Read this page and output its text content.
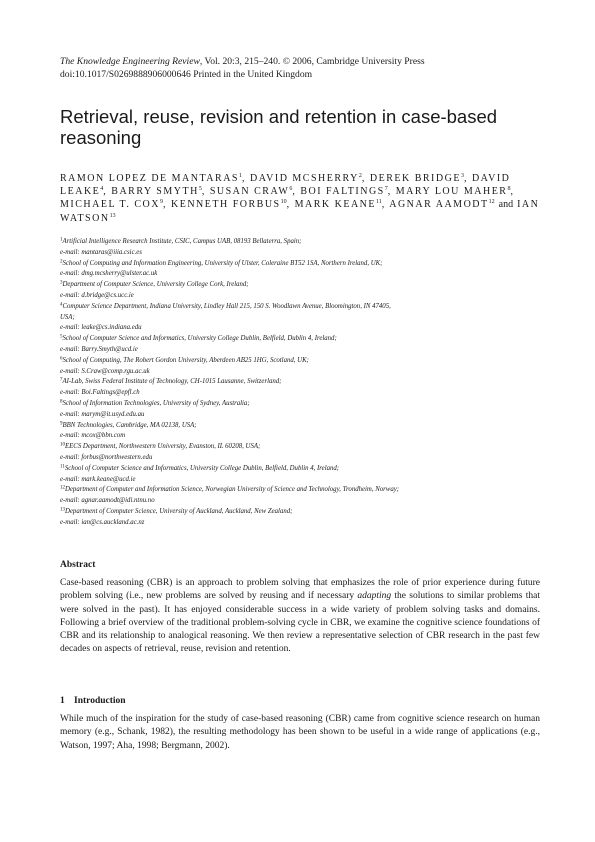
The Knowledge Engineering Review, Vol. 20:3, 215–240. © 2006, Cambridge University Press
doi:10.1017/S0269888906000646 Printed in the United Kingdom
Retrieval, reuse, revision and retention in case-based reasoning
RAMON LOPEZ DE MANTARAS$^1$, DAVID MCSHERRY$^2$, DEREK BRIDGE$^3$, DAVID LEAKE$^4$, BARRY SMYTH$^5$, SUSAN CRAW$^6$, BOI FALTINGS$^7$, MARY LOU MAHER$^8$, MICHAEL T. COX$^9$, KENNETH FORBUS$^{10}$, MARK KEANE$^{11}$, AGNAR AAMODT$^{12}$ and IAN WATSON$^{13}$
$^1$Artificial Intelligence Research Institute, CSIC, Campus UAB, 08193 Bellaterra, Spain;
e-mail: mantaras@iiia.csic.es
$^2$School of Computing and Information Engineering, University of Ulster, Coleraine BT52 1SA, Northern Ireland, UK;
e-mail: dmg.mcsherry@ulster.ac.uk
$^3$Department of Computer Science, University College Cork, Ireland;
e-mail: d.bridge@cs.ucc.ie
$^4$Computer Science Department, Indiana University, Lindley Hall 215, 150 S. Woodlawn Avenue, Bloomington, IN 47405,
USA;
e-mail: leake@cs.indiana.edu
$^5$School of Computer Science and Informatics, University College Dublin, Belfield, Dublin 4, Ireland;
e-mail: Barry.Smyth@ucd.ie
$^6$School of Computing, The Robert Gordon University, Aberdeen AB25 1HG, Scotland, UK;
e-mail: S.Craw@comp.rgu.ac.uk
$^7$AI-Lab, Swiss Federal Institute of Technology, CH-1015 Lausanne, Switzerland;
e-mail: Boi.Faltings@epfl.ch
$^8$School of Information Technologies, University of Sydney, Australia;
e-mail: marym@it.usyd.edu.au
$^9$BBN Technologies, Cambridge, MA 02138, USA;
e-mail: mcox@bbn.com
$^{10}$EECS Department, Northwestern University, Evanston, IL 60208, USA;
e-mail: forbus@northwestern.edu
$^{11}$School of Computer Science and Informatics, University College Dublin, Belfield, Dublin 4, Ireland;
e-mail: mark.keane@ucd.ie
$^{12}$Department of Computer and Information Science, Norwegian University of Science and Technology, Trondheim, Norway;
e-mail: agnar.aamodt@idi.ntnu.no
$^{13}$Department of Computer Science, University of Auckland, Auckland, New Zealand;
e-mail: ian@cs.auckland.ac.nz
Abstract
Case-based reasoning (CBR) is an approach to problem solving that emphasizes the role of prior experience during future problem solving (i.e., new problems are solved by reusing and if necessary adapting the solutions to similar problems that were solved in the past). It has enjoyed considerable success in a wide variety of problem solving tasks and domains. Following a brief overview of the traditional problem-solving cycle in CBR, we examine the cognitive science foundations of CBR and its relationship to analogical reasoning. We then review a representative selection of CBR research in the past few decades on aspects of retrieval, reuse, revision and retention.
1 Introduction
While much of the inspiration for the study of case-based reasoning (CBR) came from cognitive science research on human memory (e.g., Schank, 1982), the resulting methodology has been shown to be useful in a wide range of applications (e.g., Watson, 1997; Aha, 1998; Bergmann, 2002).
